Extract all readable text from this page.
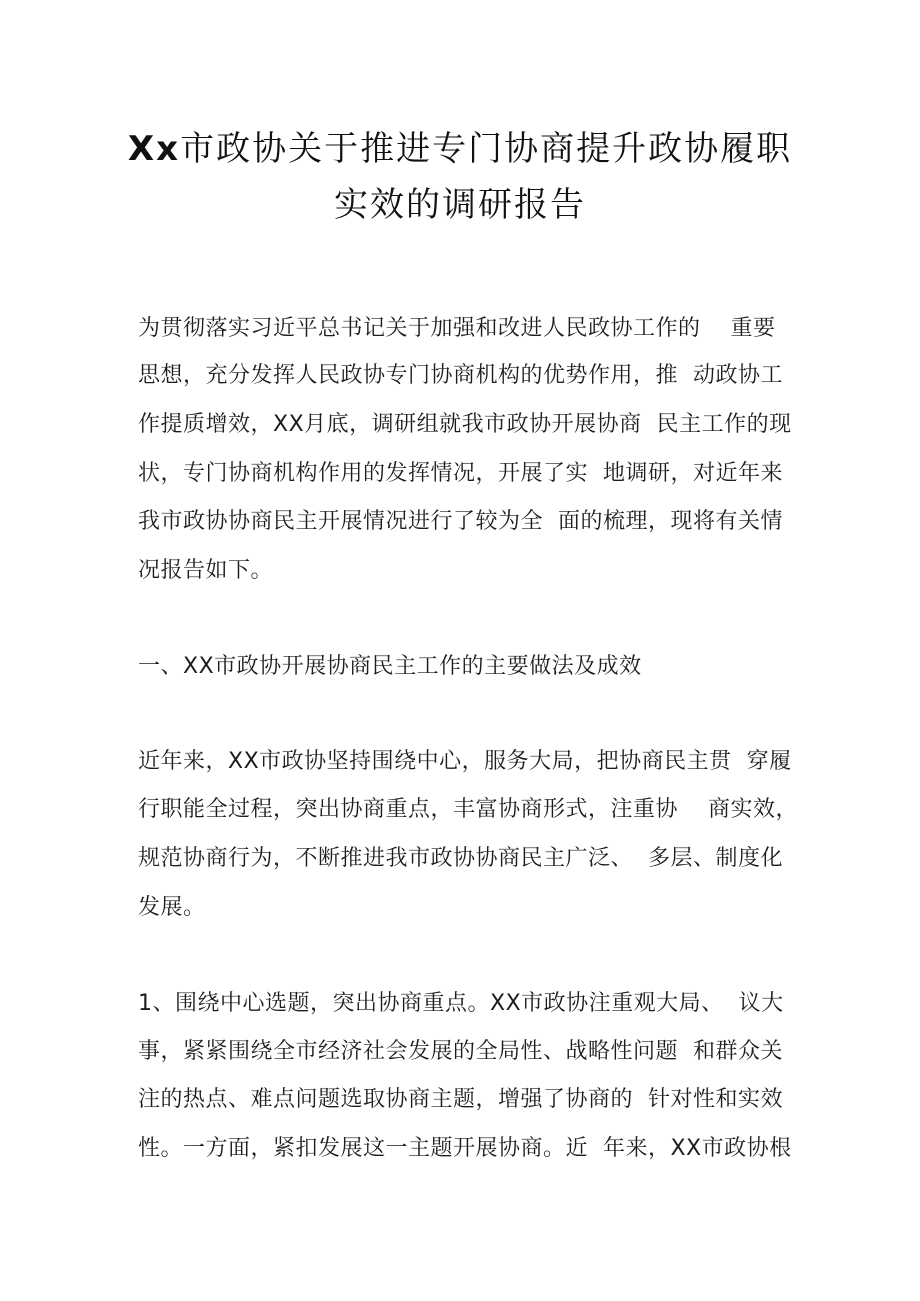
Xx市政协关于推进专门协商提升政协履职
实效的调研报告
为贯彻落实习近平总书记关于加强和改进人民政协工作的    重要
思想，充分发挥人民政协专门协商机构的优势作用，推  动政协工
作提质增效，XX月底，调研组就我市政协开展协商  民主工作的现
状，专门协商机构作用的发挥情况，开展了实  地调研，对近年来
我市政协协商民主开展情况进行了较为全  面的梳理，现将有关情
况报告如下。
一、XX市政协开展协商民主工作的主要做法及成效
近年来，XX市政协坚持围绕中心，服务大局，把协商民主贯  穿履
行职能全过程，突出协商重点，丰富协商形式，注重协    商实效，
规范协商行为，不断推进我市政协协商民主广泛、  多层、制度化
发展。
1、围绕中心选题，突出协商重点。XX市政协注重观大局、  议大
事，紧紧围绕全市经济社会发展的全局性、战略性问题  和群众关
注的热点、难点问题选取协商主题，增强了协商的  针对性和实效
性。一方面，紧扣发展这一主题开展协商。近  年来，XX市政协根
